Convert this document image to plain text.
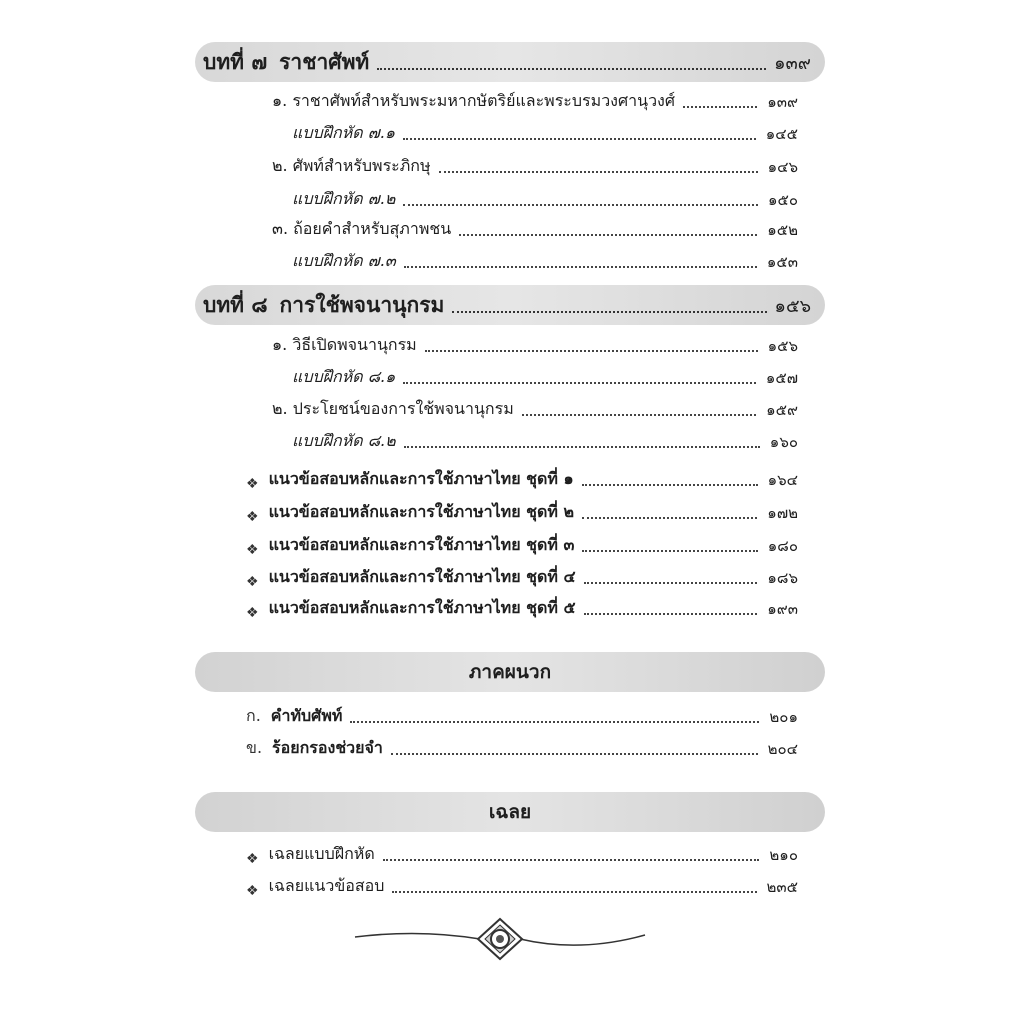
บทที่ ๗ ราชาศัพท์	๑๓๙
๑. ราชาศัพท์สำหรับพระมหากษัตริย์และพระบรมวงศานุวงศ์	๑๓๙
แบบฝึกหัด ๗.๑	๑๔๕
๒. ศัพท์สำหรับพระภิกษุ	๑๔๖
แบบฝึกหัด ๗.๒	๑๕๐
๓. ถ้อยคำสำหรับสุภาพชน	๑๕๒
แบบฝึกหัด ๗.๓	๑๕๓
บทที่ ๘ การใช้พจนานุกรม	๑๕๖
๑. วิธีเปิดพจนานุกรม	๑๕๖
แบบฝึกหัด ๘.๑	๑๕๗
๒. ประโยชน์ของการใช้พจนานุกรม	๑๕๙
แบบฝึกหัด ๘.๒	๑๖๐
❖ แนวข้อสอบหลักและการใช้ภาษาไทย ชุดที่ ๑	๑๖๔
❖ แนวข้อสอบหลักและการใช้ภาษาไทย ชุดที่ ๒	๑๗๒
❖ แนวข้อสอบหลักและการใช้ภาษาไทย ชุดที่ ๓	๑๘๐
❖ แนวข้อสอบหลักและการใช้ภาษาไทย ชุดที่ ๔	๑๘๖
❖ แนวข้อสอบหลักและการใช้ภาษาไทย ชุดที่ ๕	๑๙๓
ภาคผนวก
ก. คำทับศัพท์	๒๐๑
ข. ร้อยกรองช่วยจำ	๒๐๔
เฉลย
❖ เฉลยแบบฝึกหัด	๒๑๐
❖ เฉลยแนวข้อสอบ	๒๓๕
